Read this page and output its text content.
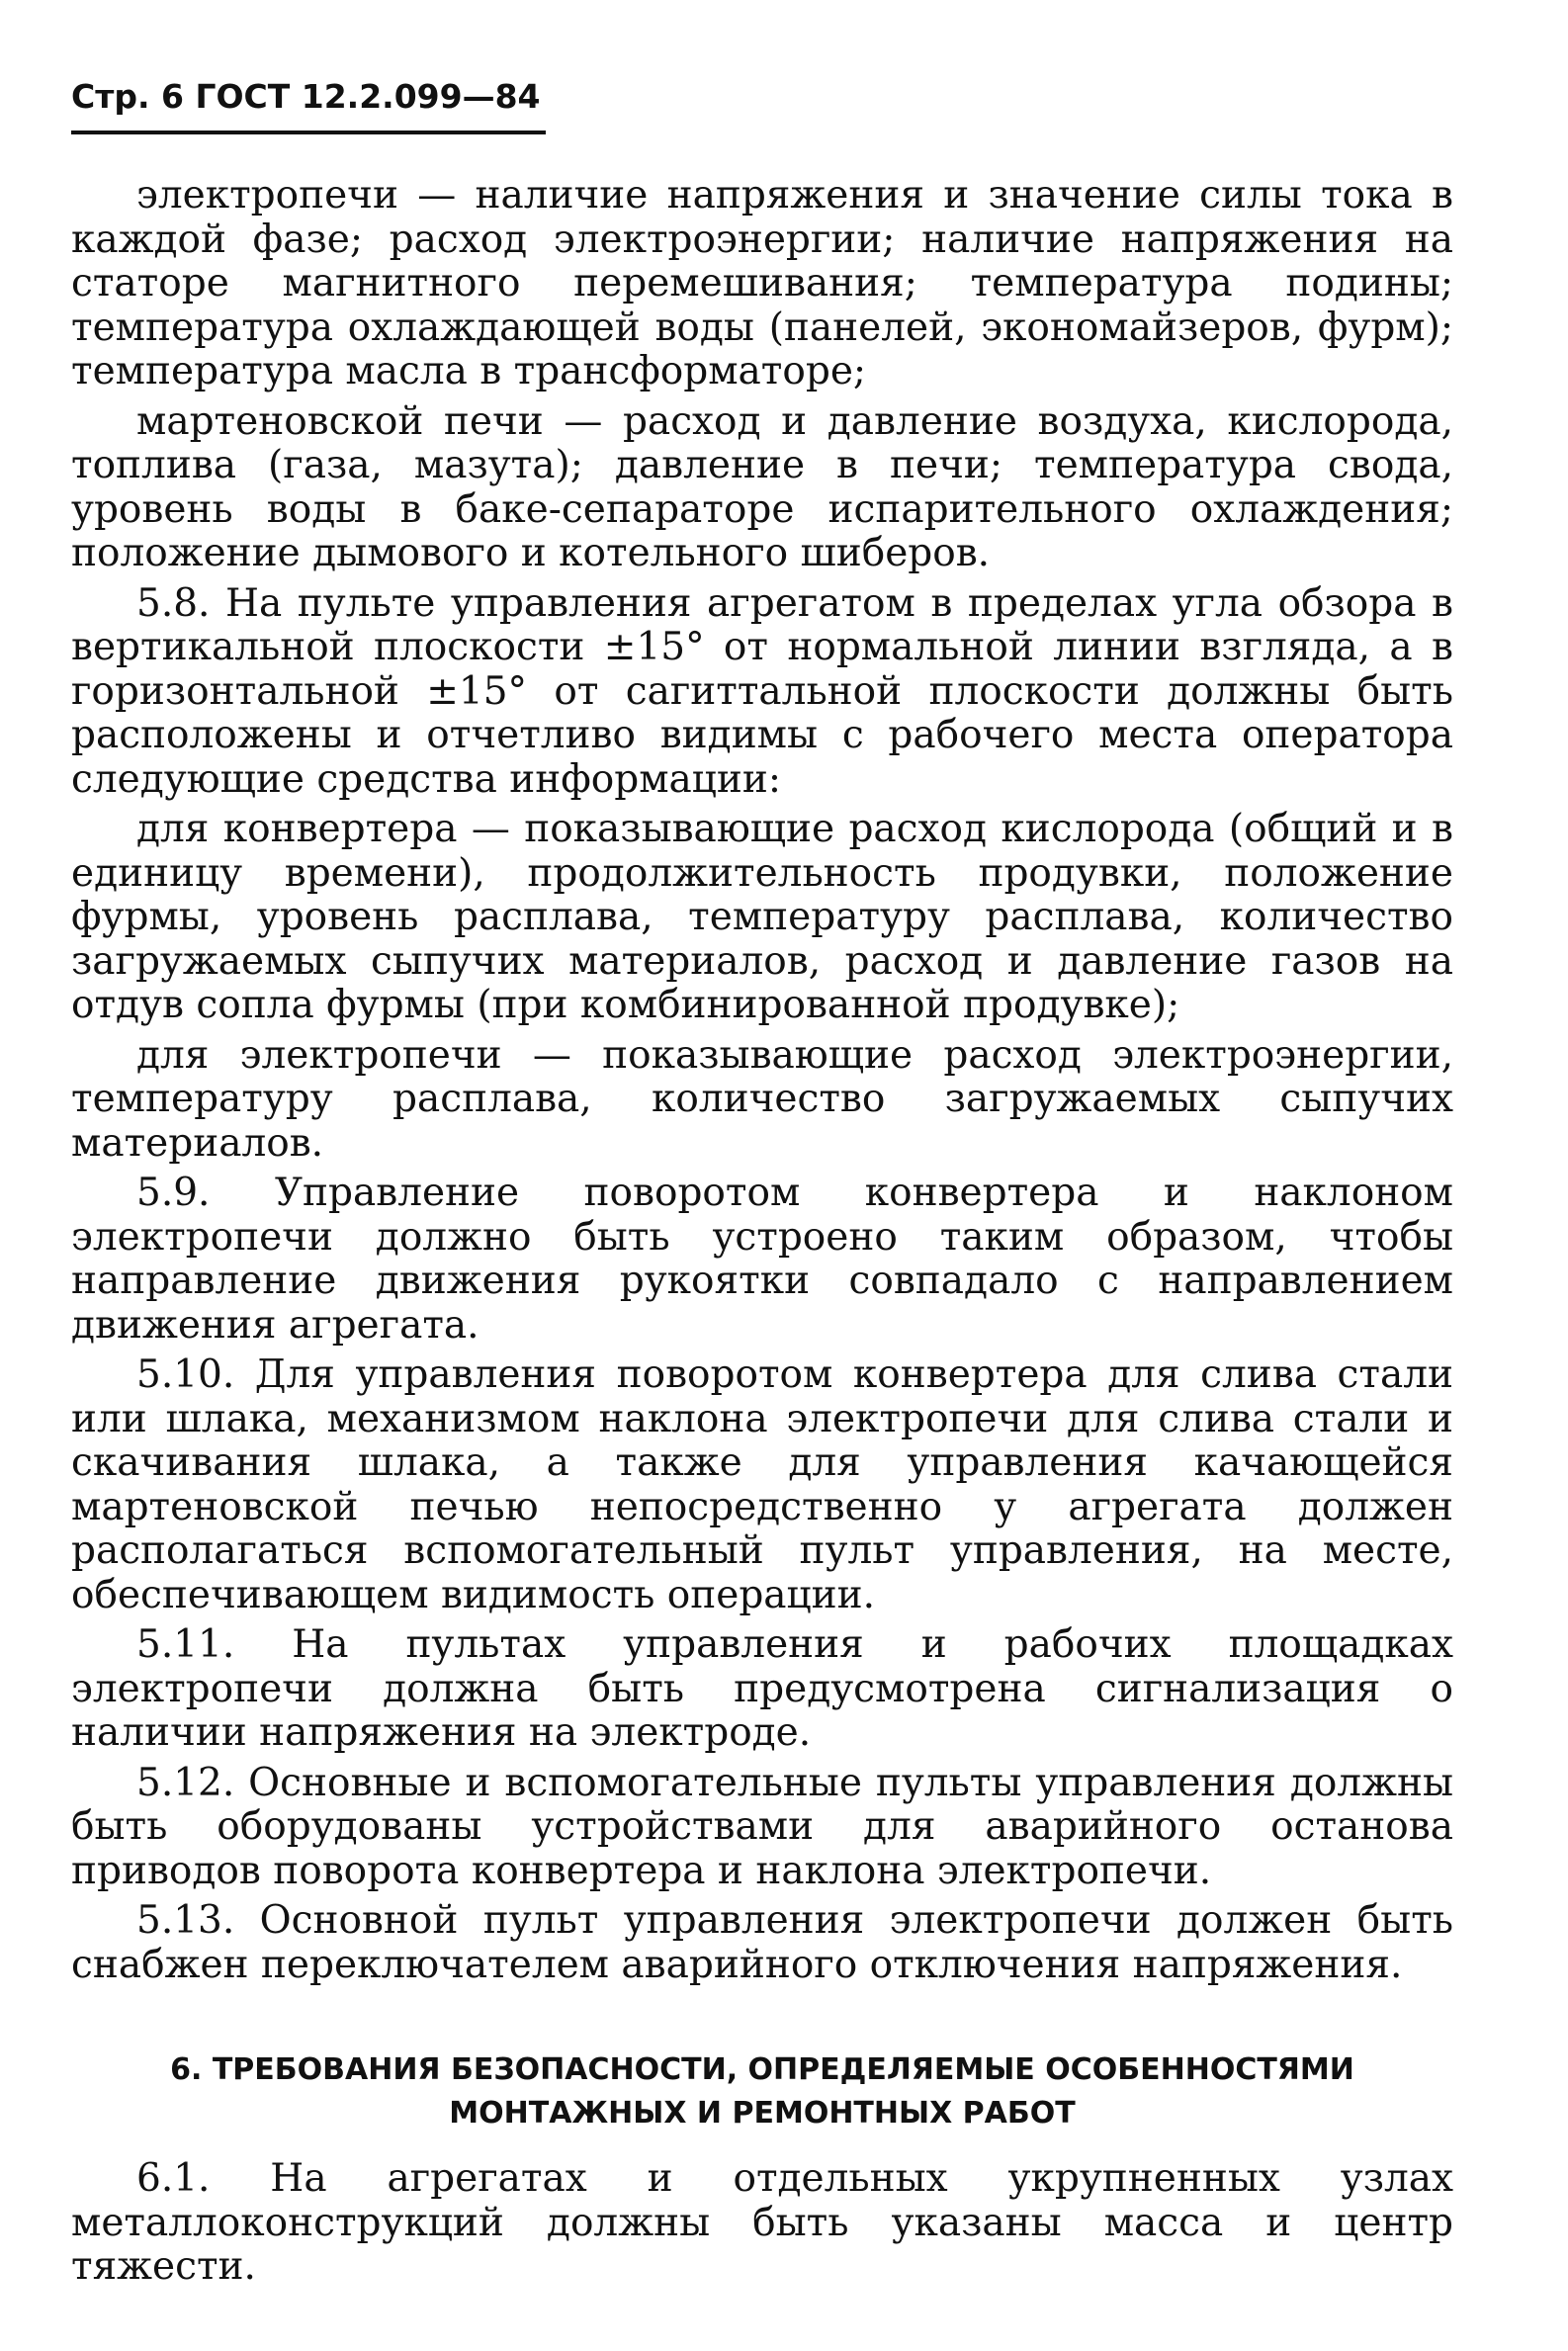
Стр. 6 ГОСТ 12.2.099—84

электропечи — наличие напряжения и значение силы тока в каждой фазе; расход электроэнергии; наличие напряжения на статоре магнитного перемешивания; температура подины; температура охлаждающей воды (панелей, экономайзеров, фурм); температура масла в трансформаторе;

мартеновской печи — расход и давление воздуха, кислорода, топлива (газа, мазута); давление в печи; температура свода, уровень воды в баке-сепараторе испарительного охлаждения; положение дымового и котельного шиберов.

5.8. На пульте управления агрегатом в пределах угла обзора в вертикальной плоскости ±15° от нормальной линии взгляда, а в горизонтальной ±15° от сагиттальной плоскости должны быть расположены и отчетливо видимы с рабочего места оператора следующие средства информации:

для конвертера — показывающие расход кислорода (общий и в единицу времени), продолжительность продувки, положение фурмы, уровень расплава, температуру расплава, количество загружаемых сыпучих материалов, расход и давление газов на отдув сопла фурмы (при комбинированной продувке);

для электропечи — показывающие расход электроэнергии, температуру расплава, количество загружаемых сыпучих материалов.

5.9. Управление поворотом конвертера и наклоном электропечи должно быть устроено таким образом, чтобы направление движения рукоятки совпадало с направлением движения агрегата.

5.10. Для управления поворотом конвертера для слива стали или шлака, механизмом наклона электропечи для слива стали и скачивания шлака, а также для управления качающейся мартеновской печью непосредственно у агрегата должен располагаться вспомогательный пульт управления, на месте, обеспечивающем видимость операции.

5.11. На пультах управления и рабочих площадках электропечи должна быть предусмотрена сигнализация о наличии напряжения на электроде.

5.12. Основные и вспомогательные пульты управления должны быть оборудованы устройствами для аварийного останова приводов поворота конвертера и наклона электропечи.

5.13. Основной пульт управления электропечи должен быть снабжен переключателем аварийного отключения напряжения.

6. ТРЕБОВАНИЯ БЕЗОПАСНОСТИ, ОПРЕДЕЛЯЕМЫЕ ОСОБЕННОСТЯМИ МОНТАЖНЫХ И РЕМОНТНЫХ РАБОТ

6.1. На агрегатах и отдельных укрупненных узлах металлоконструкций должны быть указаны масса и центр тяжести.
